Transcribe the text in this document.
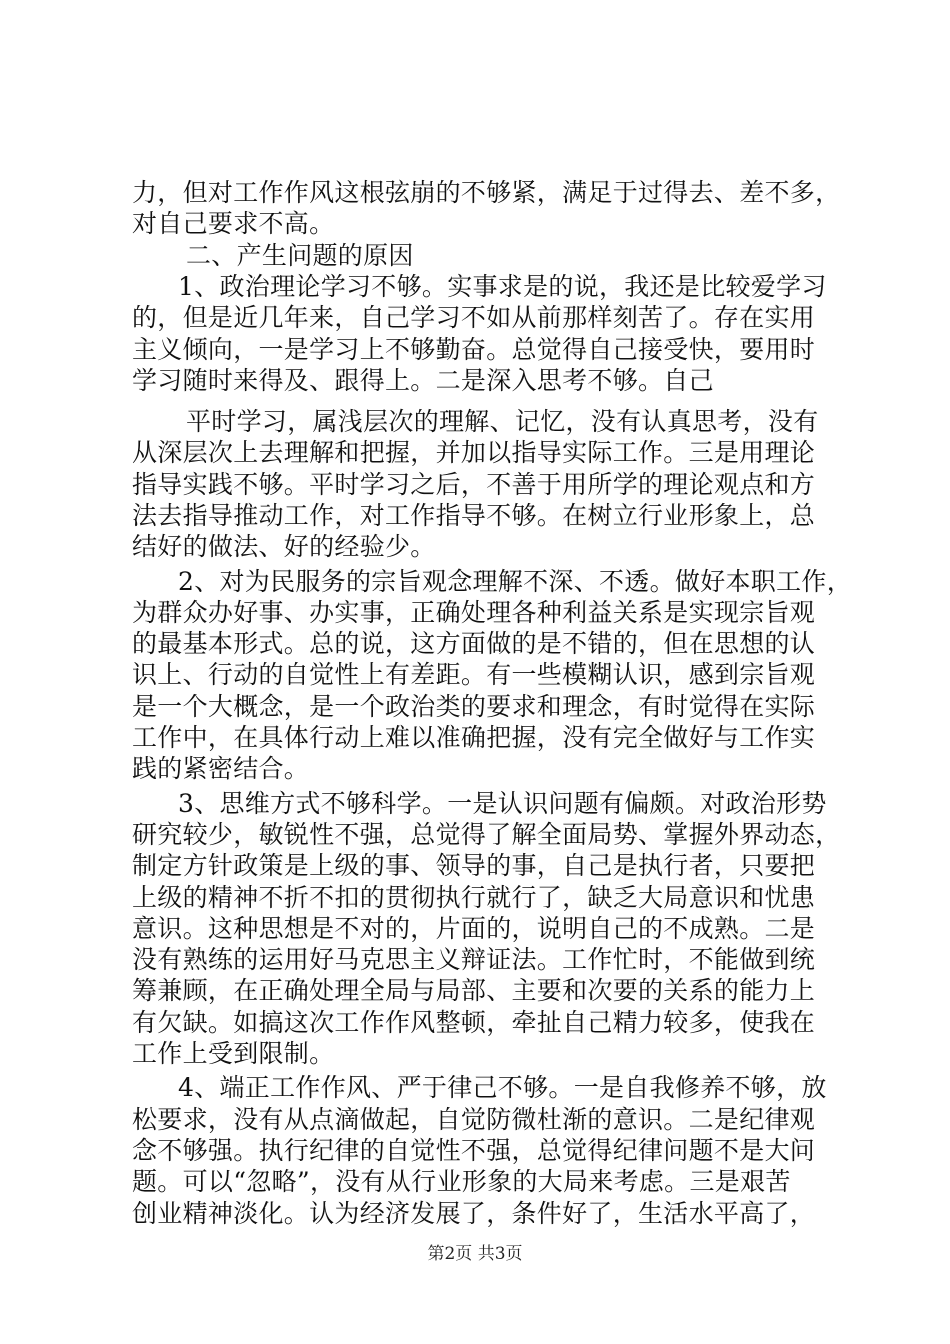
力，但对工作作风这根弦崩的不够紧，满足于过得去、差不多，
对自己要求不高。
二、产生问题的原因
1、政治理论学习不够。实事求是的说，我还是比较爱学习
的，但是近几年来，自己学习不如从前那样刻苦了。存在实用
主义倾向，一是学习上不够勤奋。总觉得自己接受快，要用时
学习随时来得及、跟得上。二是深入思考不够。自己
平时学习，属浅层次的理解、记忆，没有认真思考，没有
从深层次上去理解和把握，并加以指导实际工作。三是用理论
指导实践不够。平时学习之后，不善于用所学的理论观点和方
法去指导推动工作，对工作指导不够。在树立行业形象上，总
结好的做法、好的经验少。
2、对为民服务的宗旨观念理解不深、不透。做好本职工作，
为群众办好事、办实事，正确处理各种利益关系是实现宗旨观
的最基本形式。总的说，这方面做的是不错的，但在思想的认
识上、行动的自觉性上有差距。有一些模糊认识，感到宗旨观
是一个大概念，是一个政治类的要求和理念，有时觉得在实际
工作中，在具体行动上难以准确把握，没有完全做好与工作实
践的紧密结合。
3、思维方式不够科学。一是认识问题有偏颇。对政治形势
研究较少，敏锐性不强，总觉得了解全面局势、掌握外界动态，
制定方针政策是上级的事、领导的事，自己是执行者，只要把
上级的精神不折不扣的贯彻执行就行了，缺乏大局意识和忧患
意识。这种思想是不对的，片面的，说明自己的不成熟。二是
没有熟练的运用好马克思主义辩证法。工作忙时，不能做到统
筹兼顾，在正确处理全局与局部、主要和次要的关系的能力上
有欠缺。如搞这次工作作风整顿，牵扯自己精力较多，使我在
工作上受到限制。
4、端正工作作风、严于律己不够。一是自我修养不够，放
松要求，没有从点滴做起，自觉防微杜渐的意识。二是纪律观
念不够强。执行纪律的自觉性不强，总觉得纪律问题不是大问
题。可以“忽略”，没有从行业形象的大局来考虑。三是艰苦
创业精神淡化。认为经济发展了，条件好了，生活水平高了，
第2页 共3页
